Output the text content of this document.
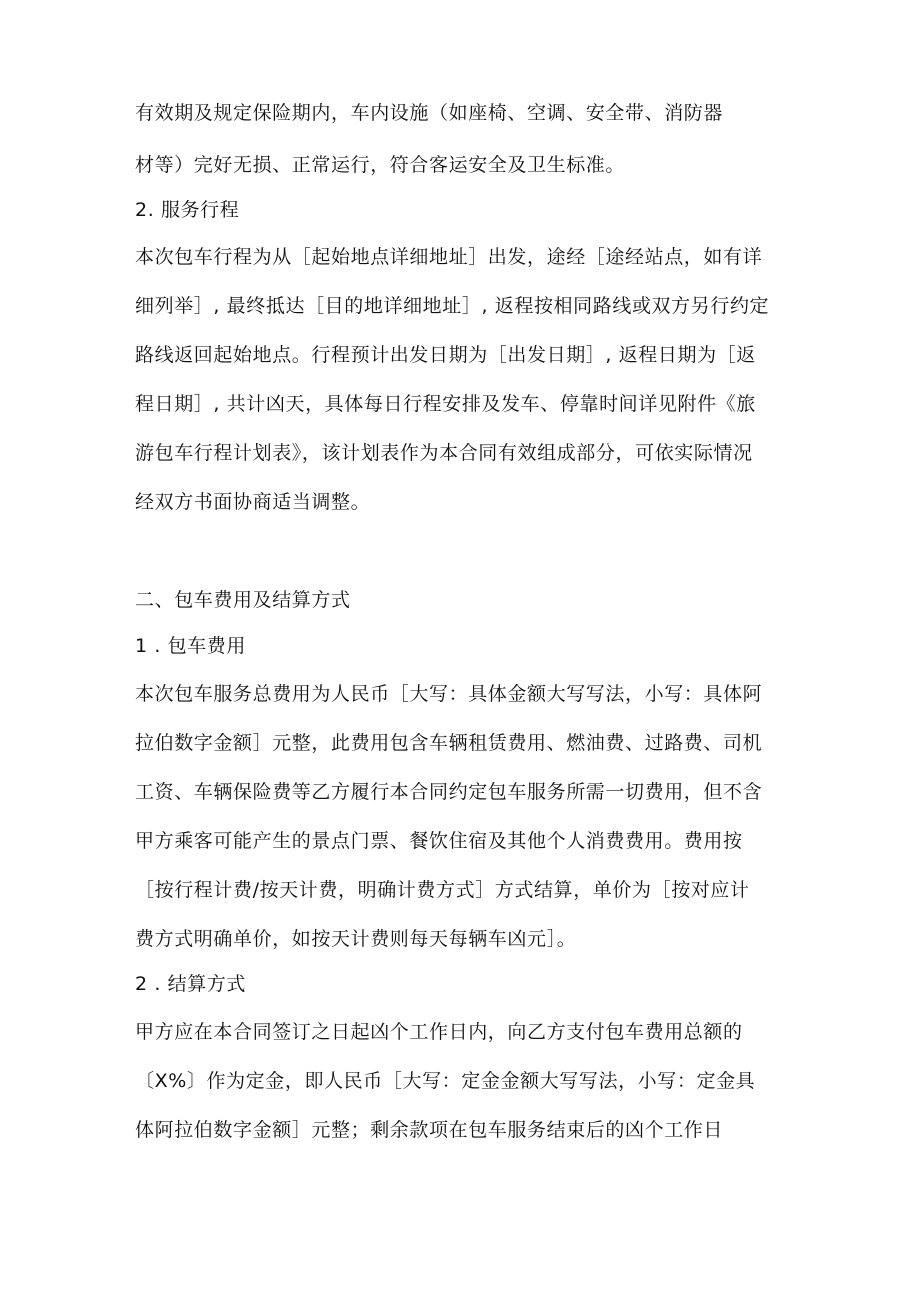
有效期及规定保险期内，车内设施（如座椅、空调、安全带、消防器
材等）完好无损、正常运行，符合客运安全及卫生标准。
2. 服务行程
本次包车行程为从［起始地点详细地址］出发，途经［途经站点，如有详
细列举］, 最终抵达［目的地详细地址］, 返程按相同路线或双方另行约定
路线返回起始地点。行程预计出发日期为［出发日期］, 返程日期为［返
程日期］, 共计凶天，具体每日行程安排及发车、停靠时间详见附件《旅
游包车行程计划表》，该计划表作为本合同有效组成部分，可依实际情况
经双方书面协商适当调整。
二、包车费用及结算方式
1 . 包车费用
本次包车服务总费用为人民币［大写：具体金额大写写法，小写：具体阿
拉伯数字金额］元整，此费用包含车辆租赁费用、燃油费、过路费、司机
工资、车辆保险费等乙方履行本合同约定包车服务所需一切费用，但不含
甲方乘客可能产生的景点门票、餐饮住宿及其他个人消费费用。费用按
［按行程计费/按天计费，明确计费方式］方式结算，单价为［按对应计
费方式明确单价，如按天计费则每天每辆车凶元］。
2 . 结算方式
甲方应在本合同签订之日起凶个工作日内，向乙方支付包车费用总额的
〔X%〕作为定金，即人民币［大写：定金金额大写写法，小写：定金具
体阿拉伯数字金额］元整；剩余款项在包车服务结束后的凶个工作日
